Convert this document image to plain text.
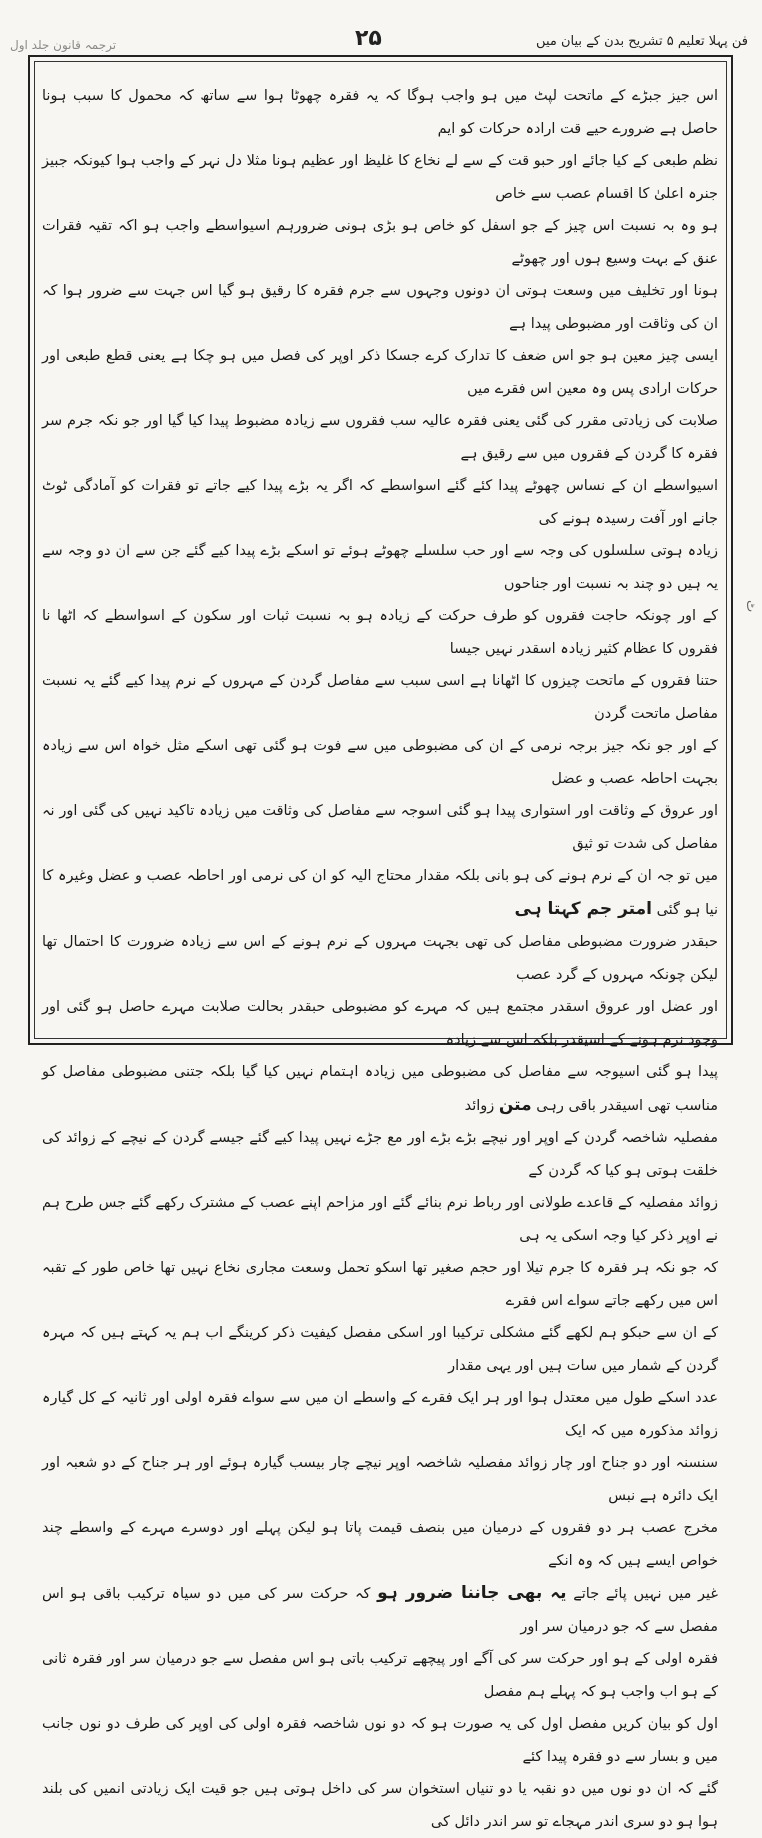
ترجمہ قانون جلد اول	۲۵	فن پہلا تعلیم ۵ تشریح بدن کے بیان میں

اس جیز جبڑے کے ماتحت لپٹ میں ہو واجب ہوگا کہ یہ فقرہ چھوٹا ہوا سے ساتھ کہ محمول کا سبب ہونا حاصل ہے ضرورے حیے قت ارادہ حرکات کو ایم

نظم طبعی کے کیا جائے اور حبو قت کے سے لے نخاع کا غلیظ اور عظیم ہونا مثلا دل نہر کے واجب ہوا کیونکہ جبیز جنرہ اعلیٰ کا اقسام عصب سے خاص

ہو وہ بہ نسبت اس چیز کے جو اسفل کو خاص ہو بڑی ہونی ضرورہم اسیواسطے واجب ہو اکہ تقیہ فقرات عنق کے بہت وسیع ہوں اور چھوٹے

ہونا اور تخلیف میں وسعت ہوتی ان دونوں وجہوں سے جرم فقرہ کا رقیق ہو گیا اس جہت سے ضرور ہوا کہ ان کی وثاقت اور مضبوطی پیدا ہے

ایسی چیز معین ہو جو اس ضعف کا تدارک کرے جسکا ذکر اوپر کی فصل میں ہو چکا ہے یعنی قطع طبعی اور حرکات ارادی پس وہ معین اس فقرے میں

صلابت کی زیادتی مقرر کی گئی یعنی فقرہ عالیہ سب فقروں سے زیادہ مضبوط پیدا کیا گیا اور جو نکہ جرم سر فقرہ کا گردن کے فقروں میں سے رقیق ہے

اسیواسطے ان کے نساس چھوٹے پیدا کئے گئے اسواسطے کہ اگر یہ بڑے پیدا کیے جاتے تو فقرات کو آمادگی ٹوٹ جانے اور آفت رسیدہ ہونے کی

زیادہ ہوتی سلسلوں کی وجہ سے اور حب سلسلے چھوٹے ہوئے تو اسکے بڑے پیدا کیے گئے جن سے ان دو وجہ سے یہ ہیں دو چند بہ نسبت اور جناحوں

کے اور چونکہ حاجت فقروں کو طرف حرکت کے زیادہ ہو بہ نسبت ثبات اور سکون کے اسواسطے کہ اٹھا نا فقروں کا عظام کثیر زیادہ اسقدر نہیں جیسا

حتنا فقروں کے ماتحت چیزوں کا اٹھانا ہے اسی سبب سے مفاصل گردن کے مہروں کے نرم پیدا کیے گئے یہ نسبت مفاصل ماتحت گردن

کے اور جو نکہ جیز برجہ نرمی کے ان کی مضبوطی میں سے فوت ہو گئی تھی اسکے مثل خواہ اس سے زیادہ بجہت احاطہ عصب و عضل

اور عروق کے وثاقت اور استواری پیدا ہو گئی اسوجہ سے مفاصل کی وثاقت میں زیادہ تاکید نہیں کی گئی اور نہ مفاصل کی شدت تو ثیق

میں تو جہ ان کے نرم ہونے کی ہو بانی بلکہ مقدار محتاج الیہ کو ان کی نرمی اور احاطہ عصب و عضل وغیرہ کا نیا ہو گئی امتر جم کہتا ہی

حبقدر ضرورت مضبوطی مفاصل کی تھی بجہت مہروں کے نرم ہونے کے اس سے زیادہ ضرورت کا احتمال تھا لیکن چونکہ مہروں کے گرد عصب

اور عضل اور عروق اسقدر مجتمع ہیں کہ مہرے کو مضبوطی حبقدر بحالت صلابت مہرے حاصل ہو گئی اور وجود نرم ہونے کے اسیقدر بلکہ اس سے زیادہ

پیدا ہو گئی اسیوجہ سے مفاصل کی مضبوطی میں زیادہ اہتمام نہیں کیا گیا بلکہ جتنی مضبوطی مفاصل کو مناسب تھی اسیقدر باقی رہی متن زوائد

مفصلیہ شاخصہ گردن کے اوپر اور نیچے بڑے بڑے اور مع جڑے نہیں پیدا کیے گئے جیسے گردن کے نیچے کے زوائد کی خلقت ہوتی ہو کیا کہ گردن کے

زوائد مفصلیہ کے قاعدے طولانی اور رباط نرم بنائے گئے اور مزاحم اپنے عصب کے مشترک رکھے گئے جس طرح ہم نے اوپر ذکر کیا وجہ اسکی یہ ہی

کہ جو نکہ ہر فقرہ کا جرم تیلا اور حجم صغیر تھا اسکو تحمل وسعت مجاری نخاع نہیں تھا خاص طور کے تقبہ اس میں رکھے جاتے سواے اس فقرے

کے ان سے حبکو ہم لکھے گئے مشکلی ترکیبا اور اسکی مفصل کیفیت ذکر کرینگے اب ہم یہ کہتے ہیں کہ مہرہ گردن کے شمار میں سات ہیں اور یہی مقدار

عدد اسکے طول میں معتدل ہوا اور ہر ایک فقرے کے واسطے ان میں سے سواے فقرہ اولی اور ثانیہ کے کل گیارہ زوائد مذکورہ میں کہ ایک

سنسنہ اور دو جناح اور چار زوائد مفصلیہ شاخصہ اوپر نیچے چار بیسب گیارہ ہوئے اور ہر جناح کے دو شعبہ اور ایک دائرہ ہے نبس

مخرج عصب ہر دو فقروں کے درمیان میں بنصف قیمت پاتا ہو لیکن پہلے اور دوسرے مہرے کے واسطے چند خواص ایسے ہیں کہ وہ انکے

غیر میں نہیں پائے جاتے یہ بھی جاننا ضرور ہو کہ حرکت سر کی میں دو سیاہ ترکیب باقی ہو اس مفصل سے کہ جو درمیان سر اور

فقرہ اولی کے ہو اور حرکت سر کی آگے اور پیچھے ترکیب باتی ہو اس مفصل سے جو درمیان سر اور فقرہ ثانی کے ہو اب واجب ہو کہ پہلے ہم مفصل

اول کو بیان کریں مفصل اول کی یہ صورت ہو کہ دو نوں شاخصہ فقرہ اولی کی اوپر کی طرف دو نوں جانب میں و بسار سے دو فقرہ پیدا کئے

گئے کہ ان دو نوں میں دو نقبہ یا دو تنیاں استخوان سر کی داخل ہوتی ہیں جو قیت ایک زیادتی انمیں کی بلند ہوا ہو دو سری اندر مہجاے تو سر اندر دائل کی

ٹ
